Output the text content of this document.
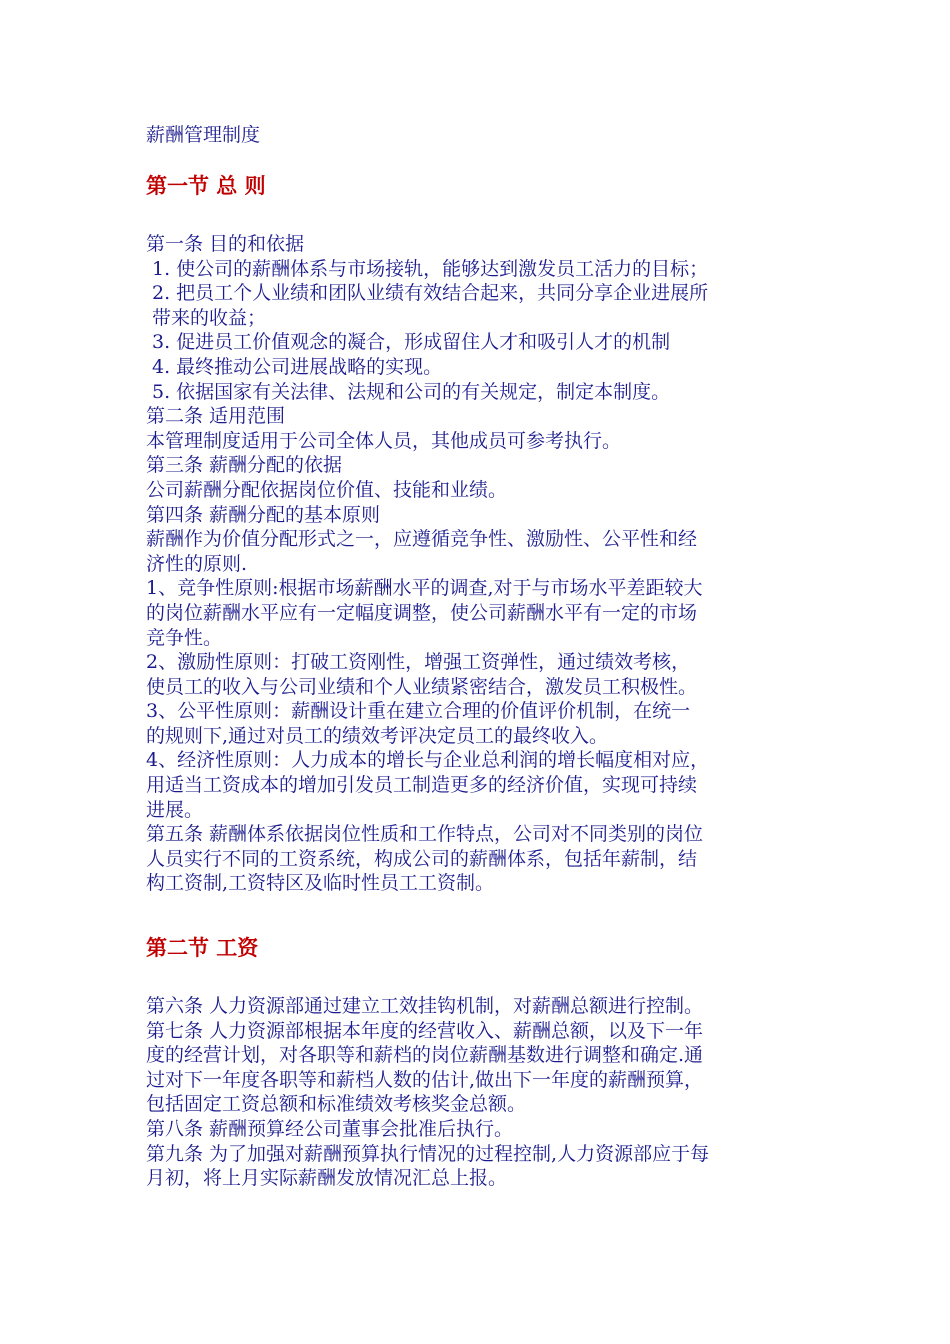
薪酬管理制度

第一节 总 则

第一条 目的和依据

1. 使公司的薪酬体系与市场接轨，能够达到激发员工活力的目标；

2. 把员工个人业绩和团队业绩有效结合起来，共同分享企业进展所

带来的收益；

3. 促进员工价值观念的凝合，形成留住人才和吸引人才的机制

4. 最终推动公司进展战略的实现。

5. 依据国家有关法律、法规和公司的有关规定，制定本制度。

第二条 适用范围

本管理制度适用于公司全体人员，其他成员可参考执行。

第三条 薪酬分配的依据

公司薪酬分配依据岗位价值、技能和业绩。

第四条 薪酬分配的基本原则

薪酬作为价值分配形式之一，应遵循竞争性、激励性、公平性和经

济性的原则.

1、竞争性原则:根据市场薪酬水平的调查,对于与市场水平差距较大

的岗位薪酬水平应有一定幅度调整，使公司薪酬水平有一定的市场

竞争性。

2、激励性原则：打破工资刚性，增强工资弹性，通过绩效考核，

使员工的收入与公司业绩和个人业绩紧密结合，激发员工积极性。

3、公平性原则：薪酬设计重在建立合理的价值评价机制，在统一

的规则下,通过对员工的绩效考评决定员工的最终收入。

4、经济性原则：人力成本的增长与企业总利润的增长幅度相对应，

用适当工资成本的增加引发员工制造更多的经济价值，实现可持续

进展。

第五条 薪酬体系依据岗位性质和工作特点，公司对不同类别的岗位

人员实行不同的工资系统，构成公司的薪酬体系，包括年薪制，结

构工资制,工资特区及临时性员工工资制。

第二节 工资

第六条 人力资源部通过建立工效挂钩机制，对薪酬总额进行控制。

第七条 人力资源部根据本年度的经营收入、薪酬总额，以及下一年

度的经营计划，对各职等和薪档的岗位薪酬基数进行调整和确定.通

过对下一年度各职等和薪档人数的估计,做出下一年度的薪酬预算，

包括固定工资总额和标准绩效考核奖金总额。

第八条 薪酬预算经公司董事会批准后执行。

第九条 为了加强对薪酬预算执行情况的过程控制,人力资源部应于每

月初，将上月实际薪酬发放情况汇总上报。
